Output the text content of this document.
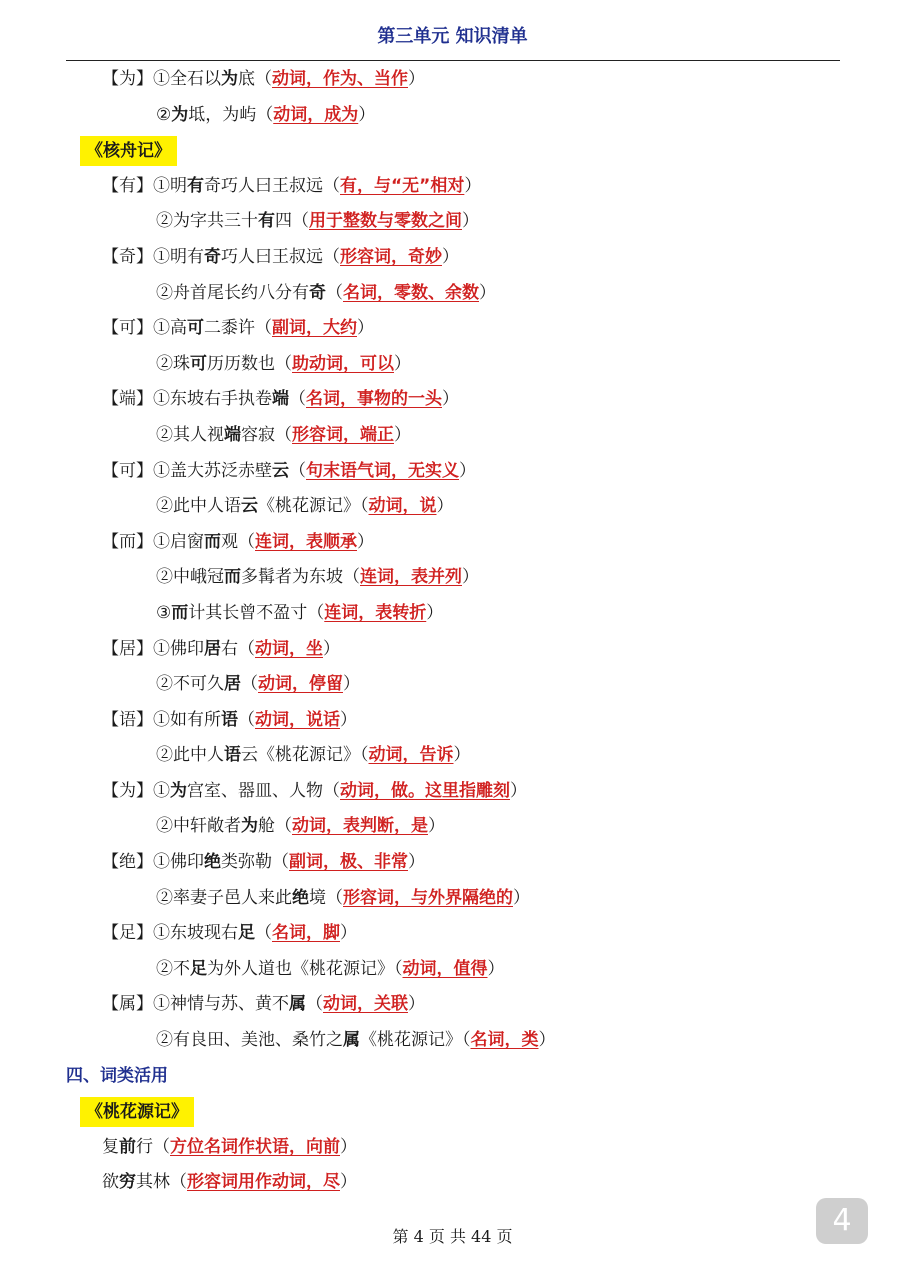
第三单元 知识清单
【为】①全石以为底（动词，作为、当作）
②为坻，为屿（动词，成为）
《核舟记》
【有】①明有奇巧人曰王叔远（有，与“无”相对）
②为字共三十有四（用于整数与零数之间）
【奇】①明有奇巧人曰王叔远（形容词，奇妙）
②舟首尾长约八分有奇（名词，零数、余数）
【可】①高可二黍许（副词，大约）
②珠可历历数也（助动词，可以）
【端】①东坡右手执卷端（名词，事物的一头）
②其人视端容寂（形容词，端正）
【可】①盖大苏泛赤壁云（句末语气词，无实义）
②此中人语云《桃花源记》（动词，说）
【而】①启窗而观（连词，表顺承）
②中峨冠而多髯者为东坡（连词，表并列）
③而计其长曾不盈寸（连词，表转折）
【居】①佛印居右（动词，坐）
②不可久居（动词，停留）
【语】①如有所语（动词，说话）
②此中人语云《桃花源记》（动词，告诉）
【为】①为宫室、器皿、人物（动词，做。这里指雕刻）
②中轩敞者为舱（动词，表判断，是）
【绝】①佛印绝类弥勒（副词，极、非常）
②率妻子邑人来此绝境（形容词，与外界隔绝的）
【足】①东坡现右足（名词，脚）
②不足为外人道也《桃花源记》（动词，值得）
【属】①神情与苏、黄不属（动词，关联）
②有良田、美池、桑竹之属《桃花源记》（名词，类）
四、词类活用
《桃花源记》
复前行（方位名词作状语，向前）
欲穷其林（形容词用作动词，尽）
第 4 页 共 44 页	4
